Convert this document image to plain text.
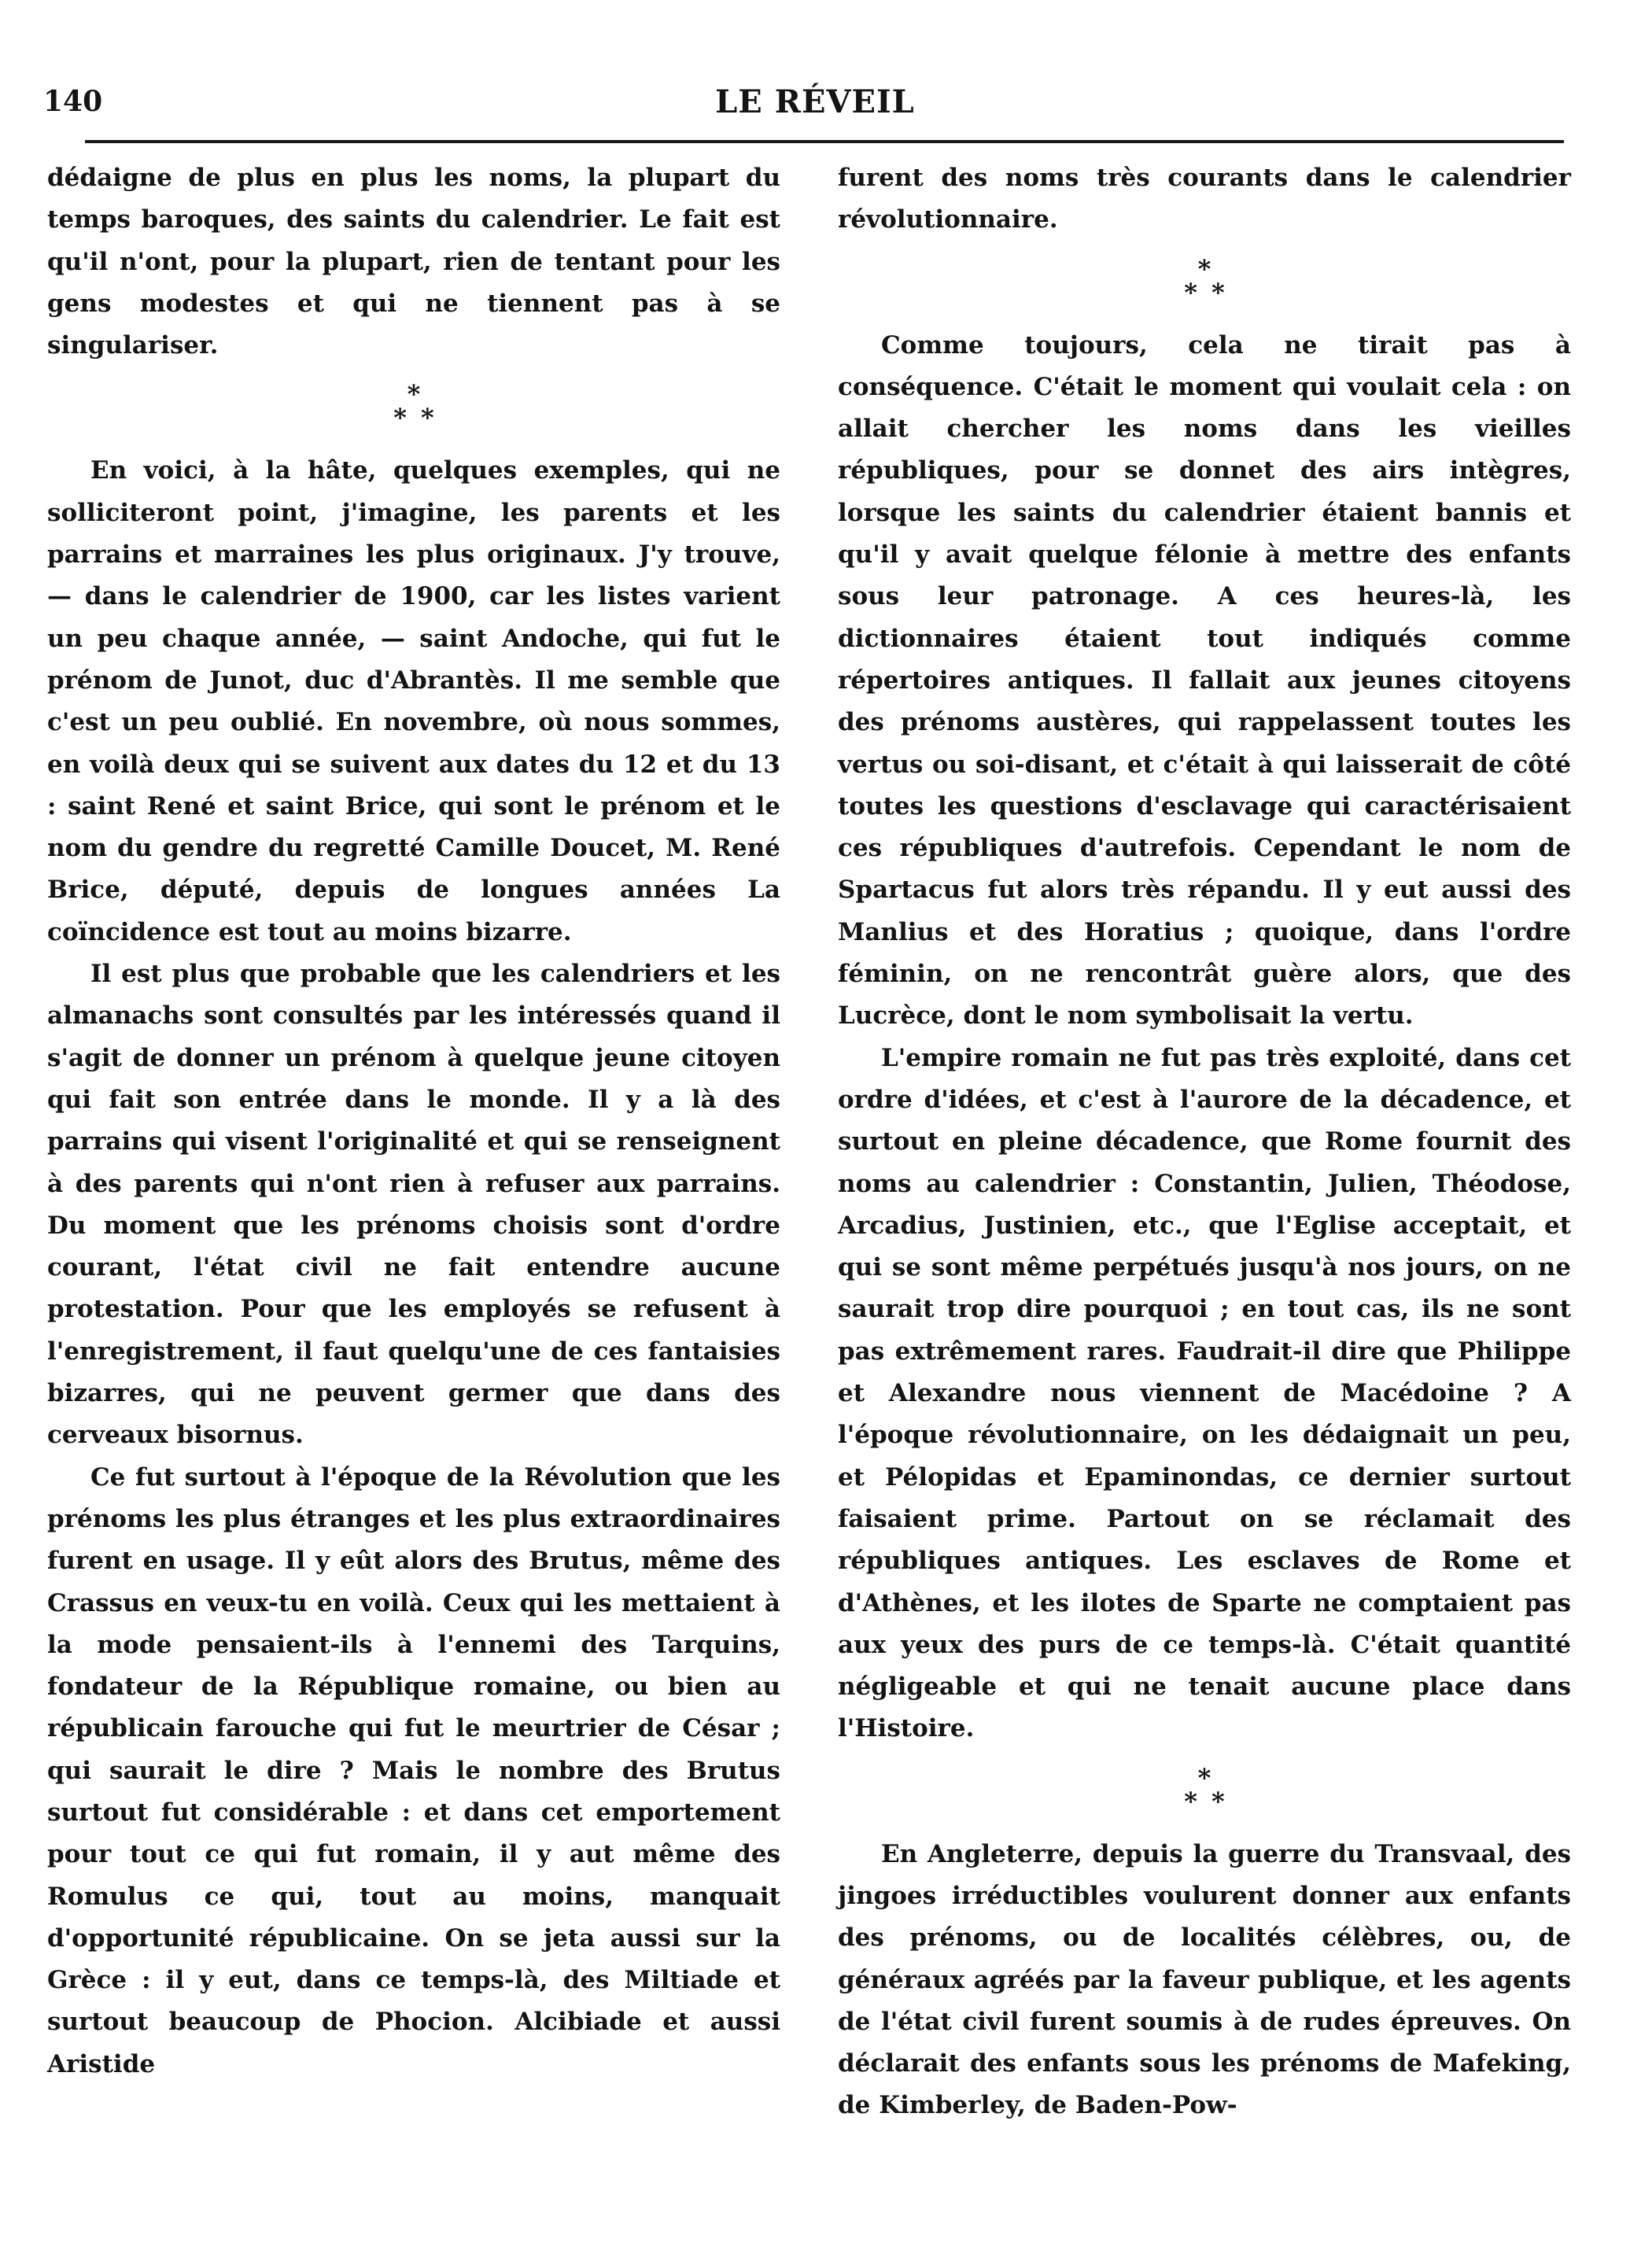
140	LE RÉVEIL

dédaigne de plus en plus les noms, la plupart du temps baroques, des saints du calendrier. Le fait est qu'il n'ont, pour la plupart, rien de tentant pour les gens modestes et qui ne tiennent pas à se singulariser.

*
**

En voici, à la hâte, quelques exemples, qui ne solliciteront point, j'imagine, les parents et les parrains et marraines les plus originaux. J'y trouve, — dans le calendrier de 1900, car les listes varient un peu chaque année, — saint Andoche, qui fut le prénom de Junot, duc d'Abrantès. Il me semble que c'est un peu oublié. En novembre, où nous sommes, en voilà deux qui se suivent aux dates du 12 et du 13 : saint René et saint Brice, qui sont le prénom et le nom du gendre du regretté Camille Doucet, M. René Brice, député, depuis de longues années La coïncidence est tout au moins bizarre.

Il est plus que probable que les calendriers et les almanachs sont consultés par les intéressés quand il s'agit de donner un prénom à quelque jeune citoyen qui fait son entrée dans le monde. Il y a là des parrains qui visent l'originalité et qui se renseignent à des parents qui n'ont rien à refuser aux parrains. Du moment que les prénoms choisis sont d'ordre courant, l'état civil ne fait entendre aucune protestation. Pour que les employés se refusent à l'enregistrement, il faut quelqu'une de ces fantaisies bizarres, qui ne peuvent germer que dans des cerveaux bisornus.

Ce fut surtout à l'époque de la Révolution que les prénoms les plus étranges et les plus extraordinaires furent en usage. Il y eût alors des Brutus, même des Crassus en veux-tu en voilà. Ceux qui les mettaient à la mode pensaient-ils à l'ennemi des Tarquins, fondateur de la République romaine, ou bien au républicain farouche qui fut le meurtrier de César ; qui saurait le dire ? Mais le nombre des Brutus surtout fut considérable : et dans cet emportement pour tout ce qui fut romain, il y aut même des Romulus ce qui, tout au moins, manquait d'opportunité républicaine. On se jeta aussi sur la Grèce : il y eut, dans ce temps-là, des Miltiade et surtout beaucoup de Phocion. Alcibiade et aussi Aristide

furent des noms très courants dans le calendrier révolutionnaire.

*
**

Comme toujours, cela ne tirait pas à conséquence. C'était le moment qui voulait cela : on allait chercher les noms dans les vieilles républiques, pour se donnet des airs intègres, lorsque les saints du calendrier étaient bannis et qu'il y avait quelque félonie à mettre des enfants sous leur patronage. A ces heures-là, les dictionnaires étaient tout indiqués comme répertoires antiques. Il fallait aux jeunes citoyens des prénoms austères, qui rappelassent toutes les vertus ou soi-disant, et c'était à qui laisserait de côté toutes les questions d'esclavage qui caractérisaient ces républiques d'autrefois. Cependant le nom de Spartacus fut alors très répandu. Il y eut aussi des Manlius et des Horatius ; quoique, dans l'ordre féminin, on ne rencontrât guère alors, que des Lucrèce, dont le nom symbolisait la vertu.

L'empire romain ne fut pas très exploité, dans cet ordre d'idées, et c'est à l'aurore de la décadence, et surtout en pleine décadence, que Rome fournit des noms au calendrier : Constantin, Julien, Théodose, Arcadius, Justinien, etc., que l'Eglise acceptait, et qui se sont même perpétués jusqu'à nos jours, on ne saurait trop dire pourquoi ; en tout cas, ils ne sont pas extrêmement rares. Faudrait-il dire que Philippe et Alexandre nous viennent de Macédoine ? A l'époque révolutionnaire, on les dédaignait un peu, et Pélopidas et Epaminondas, ce dernier surtout faisaient prime. Partout on se réclamait des républiques antiques. Les esclaves de Rome et d'Athènes, et les ilotes de Sparte ne comptaient pas aux yeux des purs de ce temps-là. C'était quantité négligeable et qui ne tenait aucune place dans l'Histoire.

*
**

En Angleterre, depuis la guerre du Transvaal, des jingoes irréductibles voulurent donner aux enfants des prénoms, ou de localités célèbres, ou, de généraux agréés par la faveur publique, et les agents de l'état civil furent soumis à de rudes épreuves. On déclarait des enfants sous les prénoms de Mafeking, de Kimberley, de Baden-Pow-
